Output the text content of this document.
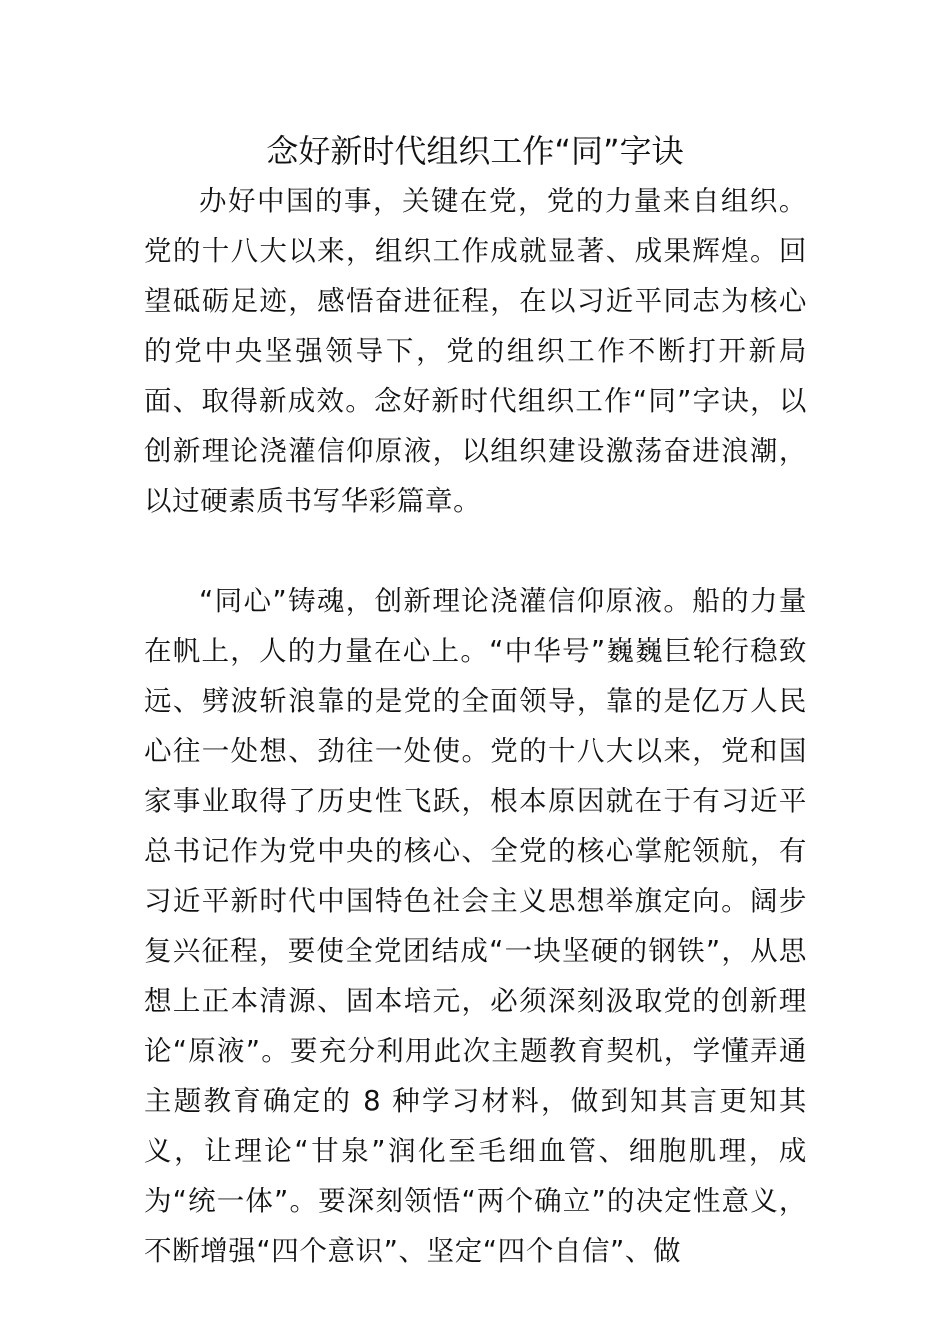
念好新时代组织工作“同”字诀

办好中国的事，关键在党，党的力量来自组织。党的十八大以来，组织工作成就显著、成果辉煌。回望砥砺足迹，感悟奋进征程，在以习近平同志为核心的党中央坚强领导下，党的组织工作不断打开新局面、取得新成效。念好新时代组织工作“同”字诀，以创新理论浇灌信仰原液，以组织建设激荡奋进浪潮，以过硬素质书写华彩篇章。

“同心”铸魂，创新理论浇灌信仰原液。船的力量在帆上，人的力量在心上。“中华号”巍巍巨轮行稳致远、劈波斩浪靠的是党的全面领导，靠的是亿万人民心往一处想、劲往一处使。党的十八大以来，党和国家事业取得了历史性飞跃，根本原因就在于有习近平总书记作为党中央的核心、全党的核心掌舵领航，有习近平新时代中国特色社会主义思想举旗定向。阔步复兴征程，要使全党团结成“一块坚硬的钢铁”，从思想上正本清源、固本培元，必须深刻汲取党的创新理论“原液”。要充分利用此次主题教育契机，学懂弄通主题教育确定的 8 种学习材料，做到知其言更知其义，让理论“甘泉”润化至毛细血管、细胞肌理，成为“统一体”。要深刻领悟“两个确立”的决定性意义，不断增强“四个意识”、坚定“四个自信”、做
